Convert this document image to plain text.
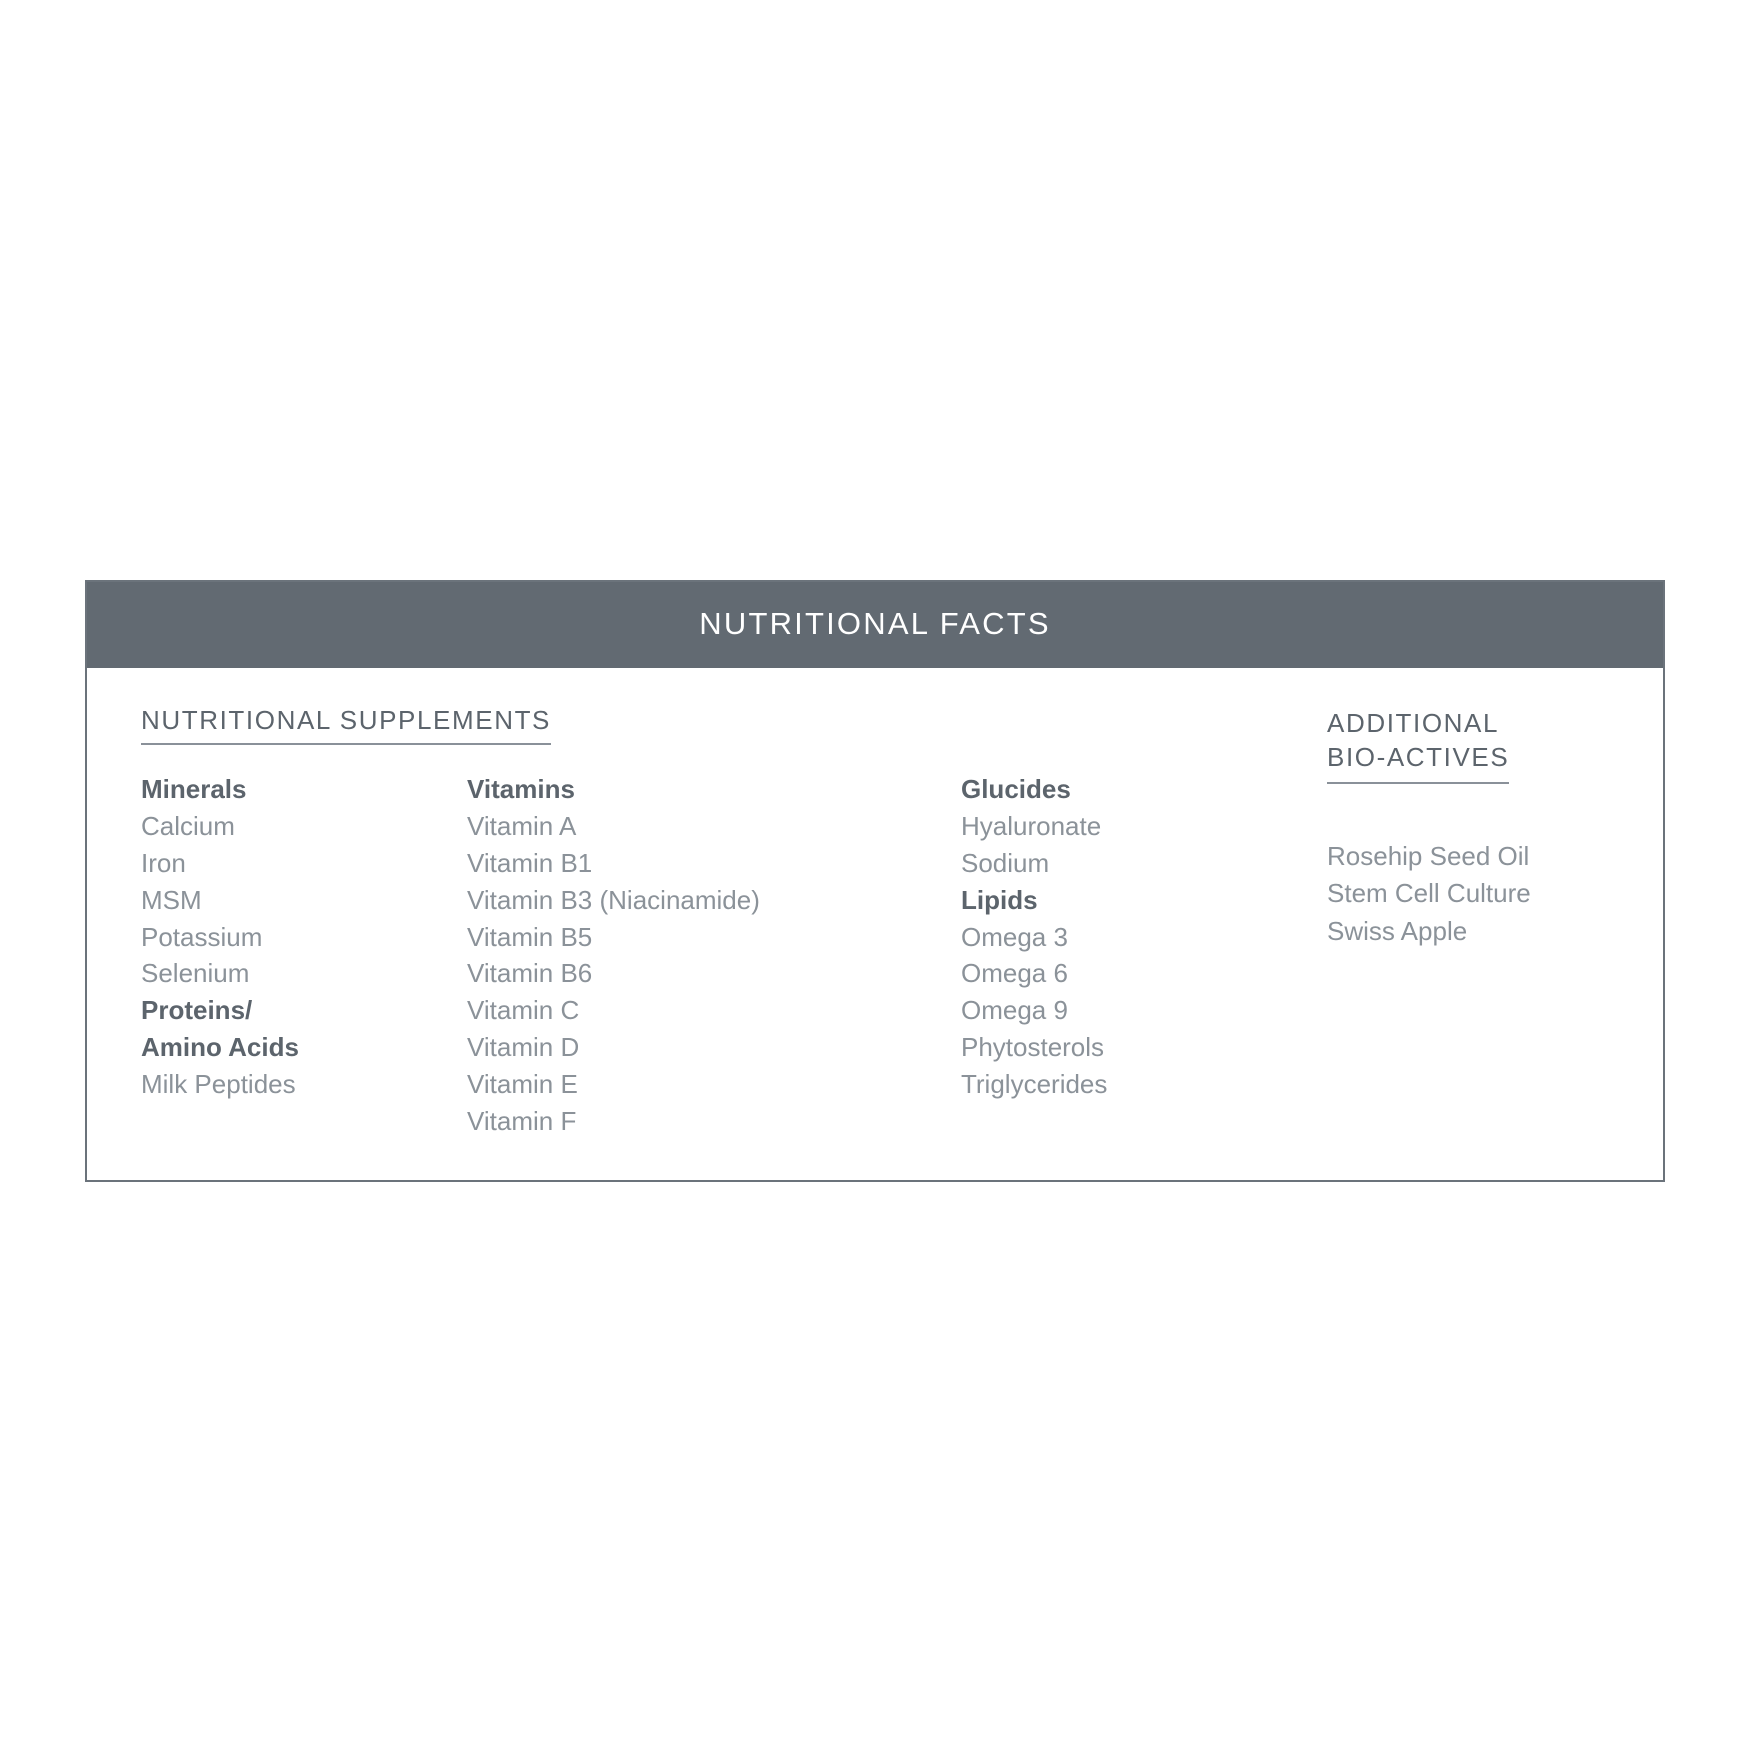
NUTRITIONAL FACTS
NUTRITIONAL SUPPLEMENTS

Minerals

Calcium

Iron

MSM

Potassium

Selenium

Proteins/

Amino Acids

Milk Peptides

Vitamins

Vitamin A

Vitamin B1

Vitamin B3 (Niacinamide)

Vitamin B5

Vitamin B6

Vitamin C

Vitamin D

Vitamin E

Vitamin F

Glucides

Hyaluronate

Sodium

Lipids

Omega 3

Omega 6

Omega 9

Phytosterols

Triglycerides

ADDITIONAL
BIO-ACTIVES

Rosehip Seed Oil

Stem Cell Culture

Swiss Apple
